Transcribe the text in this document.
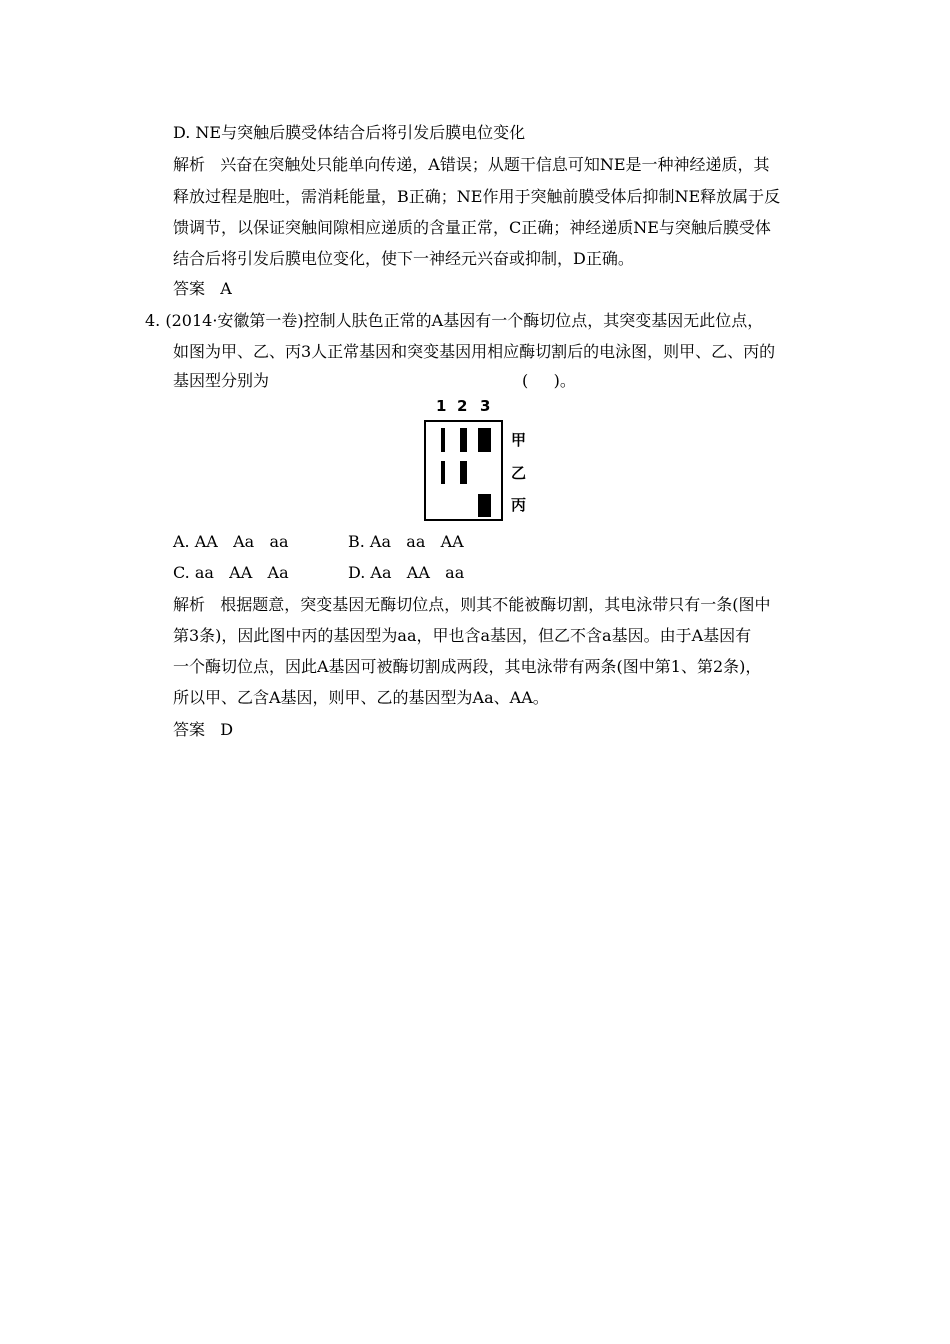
D. NE与突触后膜受体结合后将引发后膜电位变化
解析   兴奋在突触处只能单向传递，A错误；从题干信息可知NE是一种神经递质，其
释放过程是胞吐，需消耗能量，B正确；NE作用于突触前膜受体后抑制NE释放属于反
馈调节，以保证突触间隙相应递质的含量正常，C正确；神经递质NE与突触后膜受体
结合后将引发后膜电位变化，使下一神经元兴奋或抑制，D正确。
答案   A
4. (2014·安徽第一卷)控制人肤色正常的A基因有一个酶切位点，其突变基因无此位点，
如图为甲、乙、丙3人正常基因和突变基因用相应酶切割后的电泳图，则甲、乙、丙的
基因型分别为	(     )。
1 2 3
甲
乙
丙
A. AA   Aa   aa	B. Aa   aa   AA
C. aa   AA   Aa	D. Aa   AA   aa
解析   根据题意，突变基因无酶切位点，则其不能被酶切割，其电泳带只有一条(图中
第3条)，因此图中丙的基因型为aa，甲也含a基因，但乙不含a基因。由于A基因有
一个酶切位点，因此A基因可被酶切割成两段，其电泳带有两条(图中第1、第2条)，
所以甲、乙含A基因，则甲、乙的基因型为Aa、AA。
答案   D
